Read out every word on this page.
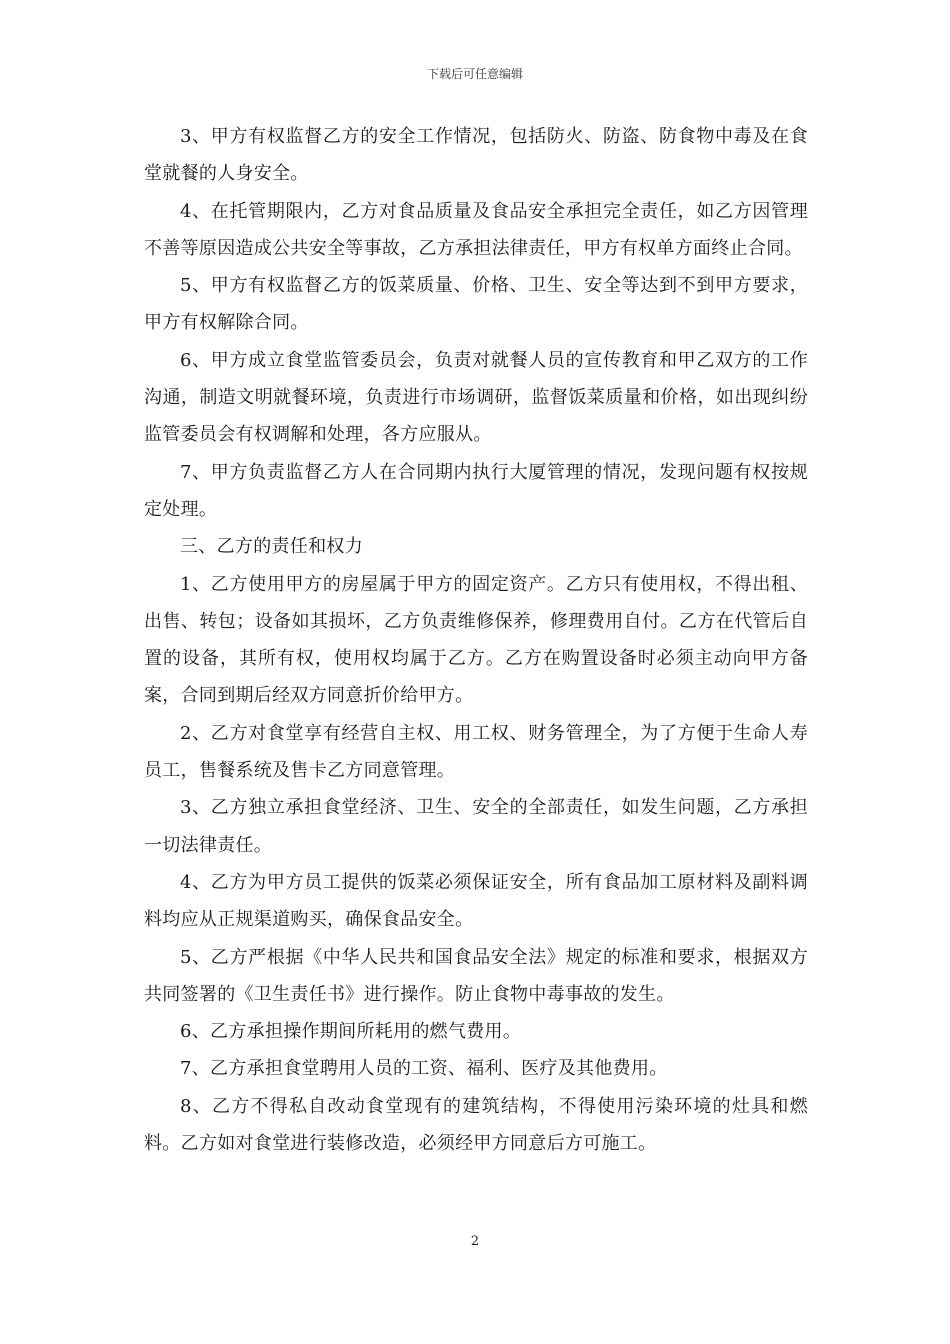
下载后可任意编辑

3、甲方有权监督乙方的安全工作情况，包括防火、防盗、防食物中毒及在食堂就餐的人身安全。

4、在托管期限内，乙方对食品质量及食品安全承担完全责任，如乙方因管理不善等原因造成公共安全等事故，乙方承担法律责任，甲方有权单方面终止合同。

5、甲方有权监督乙方的饭菜质量、价格、卫生、安全等达到不到甲方要求，甲方有权解除合同。

6、甲方成立食堂监管委员会，负责对就餐人员的宣传教育和甲乙双方的工作沟通，制造文明就餐环境，负责进行市场调研，监督饭菜质量和价格，如出现纠纷监管委员会有权调解和处理，各方应服从。

7、甲方负责监督乙方人在合同期内执行大厦管理的情况，发现问题有权按规定处理。

三、乙方的责任和权力

1、乙方使用甲方的房屋属于甲方的固定资产。乙方只有使用权，不得出租、出售、转包；设备如其损坏，乙方负责维修保养，修理费用自付。乙方在代管后自置的设备，其所有权，使用权均属于乙方。乙方在购置设备时必须主动向甲方备案，合同到期后经双方同意折价给甲方。

2、乙方对食堂享有经营自主权、用工权、财务管理全，为了方便于生命人寿员工，售餐系统及售卡乙方同意管理。

3、乙方独立承担食堂经济、卫生、安全的全部责任，如发生问题，乙方承担一切法律责任。

4、乙方为甲方员工提供的饭菜必须保证安全，所有食品加工原材料及副料调料均应从正规渠道购买，确保食品安全。

5、乙方严根据《中华人民共和国食品安全法》规定的标准和要求，根据双方共同签署的《卫生责任书》进行操作。防止食物中毒事故的发生。

6、乙方承担操作期间所耗用的燃气费用。

7、乙方承担食堂聘用人员的工资、福利、医疗及其他费用。

8、乙方不得私自改动食堂现有的建筑结构，不得使用污染环境的灶具和燃料。乙方如对食堂进行装修改造，必须经甲方同意后方可施工。

2
